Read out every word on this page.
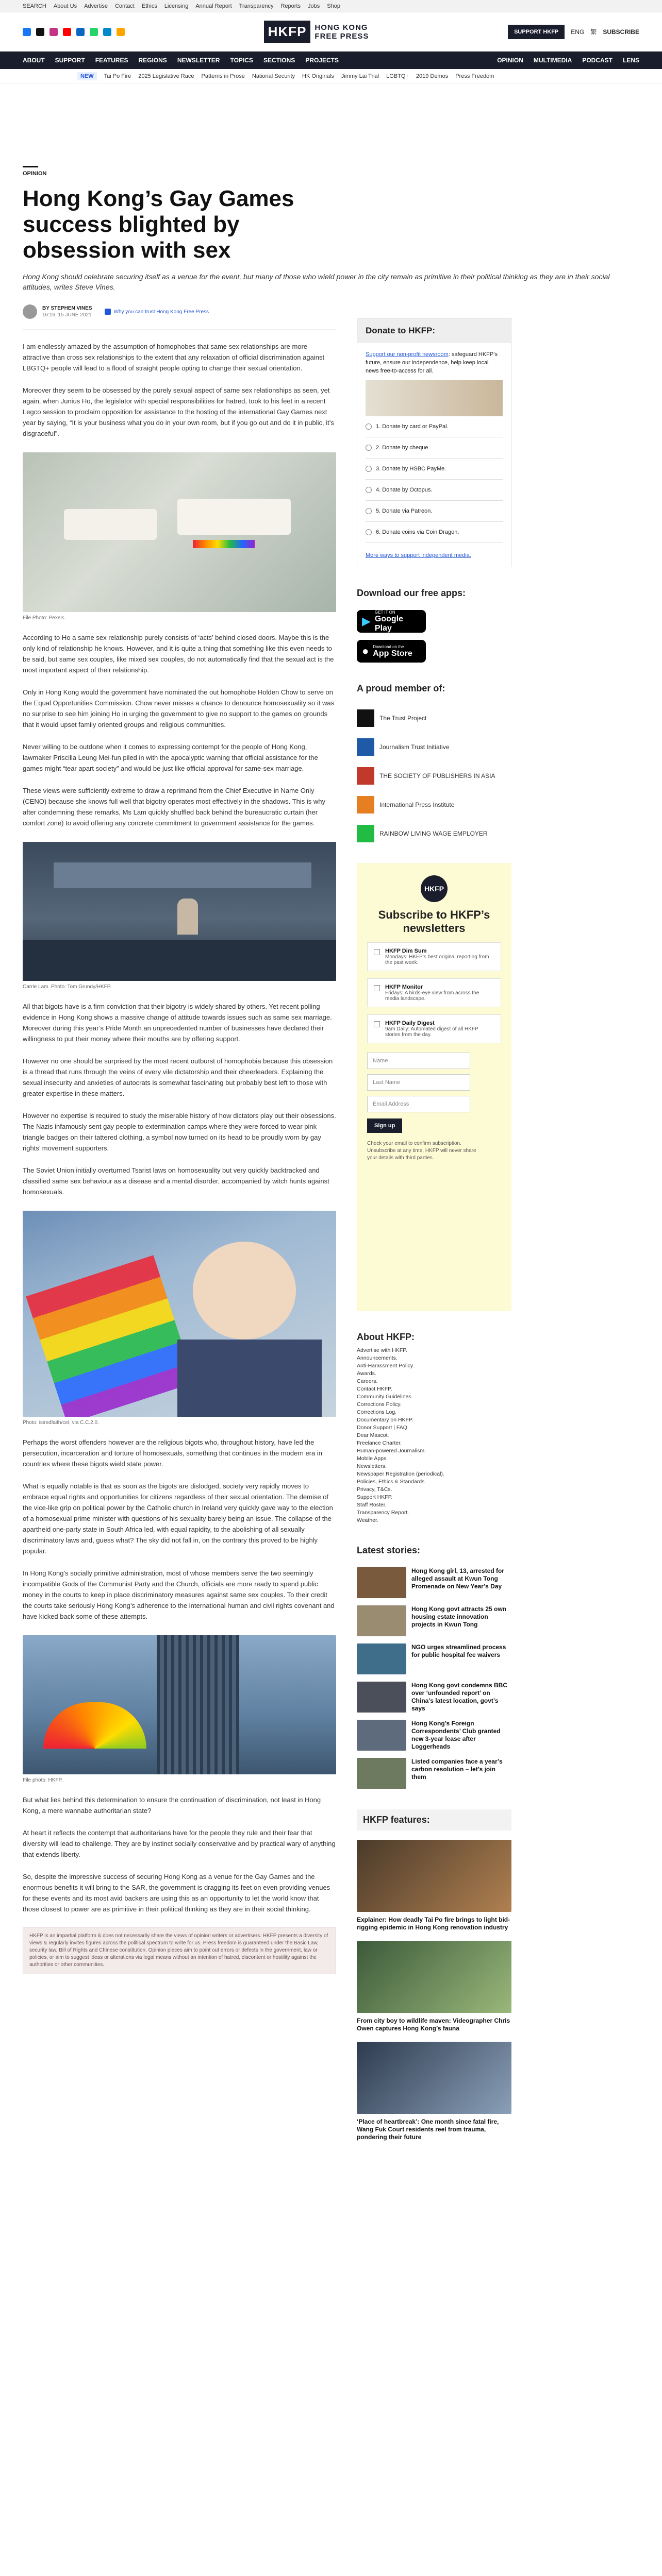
SEARCH About Us Advertise Contact Ethics Licensing Annual Report Transparency Reports Jobs Shop
HKFP	HONG KONG
FREE PRESS	SUPPORT HKFP	ENG 繁 SUBSCRIBE
ABOUT SUPPORT FEATURES REGIONS NEWSLETTER TOPICS SECTIONS PROJECTS	OPINION MULTIMEDIA PODCAST LENS
NEW	Tai Po Fire 2025 Legislative Race Patterns in Prose National Security HK Originals Jimmy Lai Trial LGBTQ+ 2019 Demos Press Freedom
OPINION
Hong Kong’s Gay Games success blighted by obsession with sex
Hong Kong should celebrate securing itself as a venue for the event, but many of those who wield power in the city remain as primitive in their political thinking as they are in their social attitudes, writes Steve Vines.
BY STEPHEN VINES
16:16, 15 JUNE 2021
Why you can trust Hong Kong Free Press

I am endlessly amazed by the assumption of homophobes that same sex relationships are more attractive than cross sex relationships to the extent that any relaxation of official discrimination against LBGTQ+ people will lead to a flood of straight people opting to change their sexual orientation.

Moreover they seem to be obsessed by the purely sexual aspect of same sex relationships as seen, yet again, when Junius Ho, the legislator with special responsibilities for hatred, took to his feet in a recent Legco session to proclaim opposition for assistance to the hosting of the international Gay Games next year by saying, “It is your business what you do in your own room, but if you go out and do it in public, it’s disgraceful”.

File Photo: Pexels.

According to Ho a same sex relationship purely consists of ‘acts’ behind closed doors. Maybe this is the only kind of relationship he knows. However, and it is quite a thing that something like this even needs to be said, but same sex couples, like mixed sex couples, do not automatically find that the sexual act is the most important aspect of their relationship.

Only in Hong Kong would the government have nominated the out homophobe Holden Chow to serve on the Equal Opportunities Commission. Chow never misses a chance to denounce homosexuality so it was no surprise to see him joining Ho in urging the government to give no support to the games on grounds that it would upset family oriented groups and religious communities.

Never willing to be outdone when it comes to expressing contempt for the people of Hong Kong, lawmaker Priscilla Leung Mei-fun piled in with the apocalyptic warning that official assistance for the games might “tear apart society” and would be just like official approval for same-sex marriage.

These views were sufficiently extreme to draw a reprimand from the Chief Executive in Name Only (CENO) because she knows full well that bigotry operates most effectively in the shadows. This is why after condemning these remarks, Ms Lam quickly shuffled back behind the bureaucratic curtain (her comfort zone) to avoid offering any concrete commitment to government assistance for the games.

Carrie Lam. Photo: Tom Grundy/HKFP.

All that bigots have is a firm conviction that their bigotry is widely shared by others. Yet recent polling evidence in Hong Kong shows a massive change of attitude towards issues such as same sex marriage. Moreover during this year’s Pride Month an unprecedented number of businesses have declared their willingness to put their money where their mouths are by offering support.

However no one should be surprised by the most recent outburst of homophobia because this obsession is a thread that runs through the veins of every vile dictatorship and their cheerleaders. Explaining the sexual insecurity and anxieties of autocrats is somewhat fascinating but probably best left to those with greater expertise in these matters.

However no expertise is required to study the miserable history of how dictators play out their obsessions. The Nazis infamously sent gay people to extermination camps where they were forced to wear pink triangle badges on their tattered clothing, a symbol now turned on its head to be proudly worn by gay rights’ movement supporters.

The Soviet Union initially overturned Tsarist laws on homosexuality but very quickly backtracked and classified same sex behaviour as a disease and a mental disorder, accompanied by witch hunts against homosexuals.

Photo: isiredfaith/cel, via C.C.2.0.

Perhaps the worst offenders however are the religious bigots who, throughout history, have led the persecution, incarceration and torture of homosexuals, something that continues in the modern era in countries where these bigots wield state power.

What is equally notable is that as soon as the bigots are dislodged, society very rapidly moves to embrace equal rights and opportunities for citizens regardless of their sexual orientation. The demise of the vice-like grip on political power by the Catholic church in Ireland very quickly gave way to the election of a homosexual prime minister with questions of his sexuality barely being an issue. The collapse of the apartheid one-party state in South Africa led, with equal rapidity, to the abolishing of all sexually discriminatory laws and, guess what? The sky did not fall in, on the contrary this proved to be highly popular.

In Hong Kong’s socially primitive administration, most of whose members serve the two seemingly incompatible Gods of the Communist Party and the Church, officials are more ready to spend public money in the courts to keep in place discriminatory measures against same sex couples. To their credit the courts take seriously Hong Kong’s adherence to the international human and civil rights covenant and have kicked back some of these attempts.

File photo: HKFP.

But what lies behind this determination to ensure the continuation of discrimination, not least in Hong Kong, a mere wannabe authoritarian state?

At heart it reflects the contempt that authoritarians have for the people they rule and their fear that diversity will lead to challenge. They are by instinct socially conservative and by practical wary of anything that extends liberty.

So, despite the impressive success of securing Hong Kong as a venue for the Gay Games and the enormous benefits it will bring to the SAR, the government is dragging its feet on even providing venues for these events and its most avid backers are using this as an opportunity to let the world know that those closest to power are as primitive in their political thinking as they are in their social thinking.

HKFP is an impartial platform & does not necessarily share the views of opinion writers or advertisers. HKFP presents a diversity of views & regularly invites figures across the political spectrum to write for us. Press freedom is guaranteed under the Basic Law, security law, Bill of Rights and Chinese constitution. Opinion pieces aim to point out errors or defects in the government, law or policies, or aim to suggest ideas or alterations via legal means without an intention of hatred, discontent or hostility against the authorities or other communities.
Donate to HKFP:
Support our non-profit newsroom: safeguard HKFP’s future, ensure our independence, help keep local news free-to-access for all.
1. Donate by card or PayPal.
2. Donate by cheque.
3. Donate by HSBC PayMe.
4. Donate by Octopus.
5. Donate via Patreon.
6. Donate coins via Coin Dragon.
More ways to support independent media.
Download our free apps:
▶
GET IT ON
Google Play
● Download on the
App Store
A proud member of:
The Trust Project
Journalism Trust Initiative
THE SOCIETY OF PUBLISHERS IN ASIA
International Press Institute
RAINBOW LIVING WAGE EMPLOYER
HKFP
Subscribe to HKFP’s newsletters
HKFP Dim Sum
Mondays: HKFP’s best original reporting from the past week.
HKFP Monitor
Fridays: A birds-eye view from across the media landscape.
HKFP Daily Digest
9am Daily: Automated digest of all HKFP stories from the day.
Name
Last Name
Email Address
Sign up
Check your email to confirm subscription. Unsubscribe at any time. HKFP will never share your details with third parties.
About HKFP:
Advertise with HKFP.
Announcements.
Anti-Harassment Policy.
Awards.
Careers.
Contact HKFP.
Community Guidelines.
Corrections Policy.
Corrections Log.
Documentary on HKFP.
Donor Support | FAQ.
Dear Mascot.
Freelance Charter.
Human-powered Journalism.
Mobile Apps.
Newsletters.
Newspaper Registration (periodical).
Policies, Ethics & Standards.
Privacy, T&Cs.
Support HKFP.
Staff Roster.
Transparency Report.
Weather.
Latest stories:
Hong Kong girl, 13, arrested for alleged assault at Kwun Tong Promenade on New Year’s Day
Hong Kong govt attracts 25 own housing estate innovation projects in Kwun Tong
NGO urges streamlined process for public hospital fee waivers
Hong Kong govt condemns BBC over ‘unfounded report’ on China’s latest location, govt’s says
Hong Kong’s Foreign Correspondents’ Club granted new 3-year lease after Loggerheads
Listed companies face a year’s carbon resolution – let’s join them
HKFP features:
Explainer: How deadly Tai Po fire brings to light bid-rigging epidemic in Hong Kong renovation industry
From city boy to wildlife maven: Videographer Chris Owen captures Hong Kong’s fauna
‘Place of heartbreak’: One month since fatal fire, Wang Fuk Court residents reel from trauma, pondering their future
